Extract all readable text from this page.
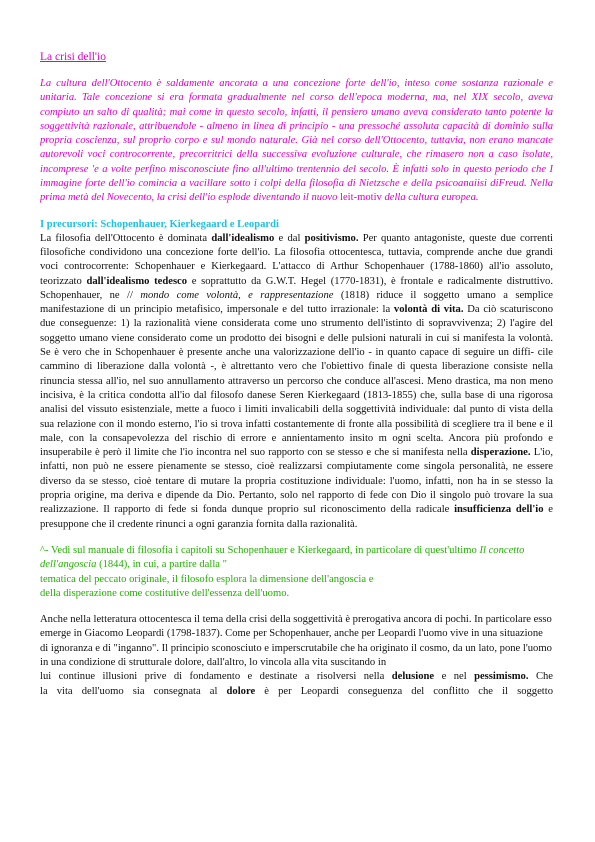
La crisi dell'io

La cultura dell'Ottocento è saldamente ancorata a una concezione forte dell'io, inteso come sostanza razionale e unitaria. Tale concezione si era formata gradualmente nel corso dell'epoca moderna, ma, nel XIX secolo, aveva compiuto un salto di qualità; mai come in questo secolo, infatti, il pensiero umano aveva considerato tanto potente la soggettività razionale, attribuendole - almeno in linea di principio - una pressoché assoluta capacità di dominio sulla propria coscienza, sul proprio corpo e sul mondo naturale. Già nel corso dell'Ottocento, tuttavia, non erano mancate autorevoli voci controcorrente, precorritrici della successiva evoluzione culturale, che rimasero non a caso isolate, incomprese 'e a volte perfino misconosciute fino all'ultimo trentennio del secolo. È infatti solo in questo periodo che I immagine forte dell'io comincia a vacillare sotto i colpi della filosofia di Nietzsche e della psicoanaiisi diFreud. Nella prima metà del Novecento, la crisi dell'io esplode diventando il nuovo leit-motiv della cultura europea.

I precursori: Schopenhauer, Kierkegaard e Leopardi

La filosofia dell'Ottocento è dominata dall'idealismo e dal positivismo. Per quanto antagoniste, queste due correnti filosofiche condividono una concezione forte dell'io. La filosofia ottocentesca, tuttavia, comprende anche due grandi voci controcorrente: Schopenhauer e Kierkegaard. L'attacco di Arthur Schopenhauer (1788-1860) all'io assoluto, teorizzato dall'idealismo tedesco e soprattutto da G.W.T. Hegel (1770-1831), è frontale e radicalmente distruttivo. Schopenhauer, ne // mondo come volontà, e rappresentazione (1818) riduce il soggetto umano a semplice manifestazione di un principio metafisico, impersonale e del tutto irrazionale: la volontà di vita. Da ciò scaturiscono due conseguenze: 1) la razionalità viene considerata come uno strumento dell'istinto di sopravvivenza; 2) l'agire del soggetto umano viene considerato come un prodotto dei bisogni e delle pulsioni naturali in cui si manifesta la volontà. Se è vero che in Schopenhauer è presente anche una valorizzazione dell'io - in quanto capace di seguire un diffi- cile cammino di liberazione dalla volontà -, è altrettanto vero che l'obiettivo finale di questa liberazione consiste nella rinuncia stessa all'io, nel suo annullamento attraverso un percorso che conduce all'ascesi. Meno drastica, ma non meno incisiva, è la critica condotta all'io dal filosofo danese Seren Kierkegaard (1813-1855) che, sulla base di una rigorosa analisi del vissuto esistenziale, mette a fuoco i limiti invalicabili della soggettività individuale: dal punto di vista della sua relazione con il mondo esterno, l'io si trova infatti costantemente di fronte alla possibilità di scegliere tra il bene e il male, con la consapevolezza del rischio di errore e annientamento insito m ogni scelta. Ancora più profondo e insuperabile è però il limite che l'io incontra nel suo rapporto con se stesso e che si manifesta nella disperazione. L'io, infatti, non può ne essere pienamente se stesso, cioè realizzarsi compiutamente come singola personalità, ne essere diverso da se stesso, cioè tentare di mutare la propria costituzione individuale: l'uomo, infatti, non ha in se stesso la propria origine, ma deriva e dipende da Dio. Pertanto, solo nel rapporto di fede con Dio il singolo può trovare la sua realizzazione. Il rapporto di fede si fonda dunque proprio sul riconoscimento della radicale insufficienza dell'io e presuppone che il credente rinunci a ogni garanzia fornita dalla razionalità.

^- Vedi sul manuale di filosofia i capitoli su Schopenhauer e Kierkegaard, in particolare di quest'ultimo Il concetto dell'angoscia (1844), in cui, a partire dalla "
tematica del peccato originale, il filosofo esplora la dimensione dell'angoscia e
della disperazione come costitutive dell'essenza dell'uomo.

Anche nella letteratura ottocentesca il tema della crisi della soggettività è prerogativa ancora di pochi. In particolare esso emerge in Giacomo Leopardi (1798-1837). Come per Schopenhauer, anche per Leopardi l'uomo vive in una situazione di ignoranza e di "inganno". Il principio sconosciuto e imperscrutabile che ha originato il cosmo, da un lato, pone l'uomo in una condizione di strutturale dolore, dall'altro, lo vincola alla vita suscitando in
lui continue illusioni prive di fondamento e destinate a risolversi nella delusione e nel pessimismo. Che
la vita dell'uomo sia consegnata al dolore è per Leopardi conseguenza del conflitto che il soggetto
